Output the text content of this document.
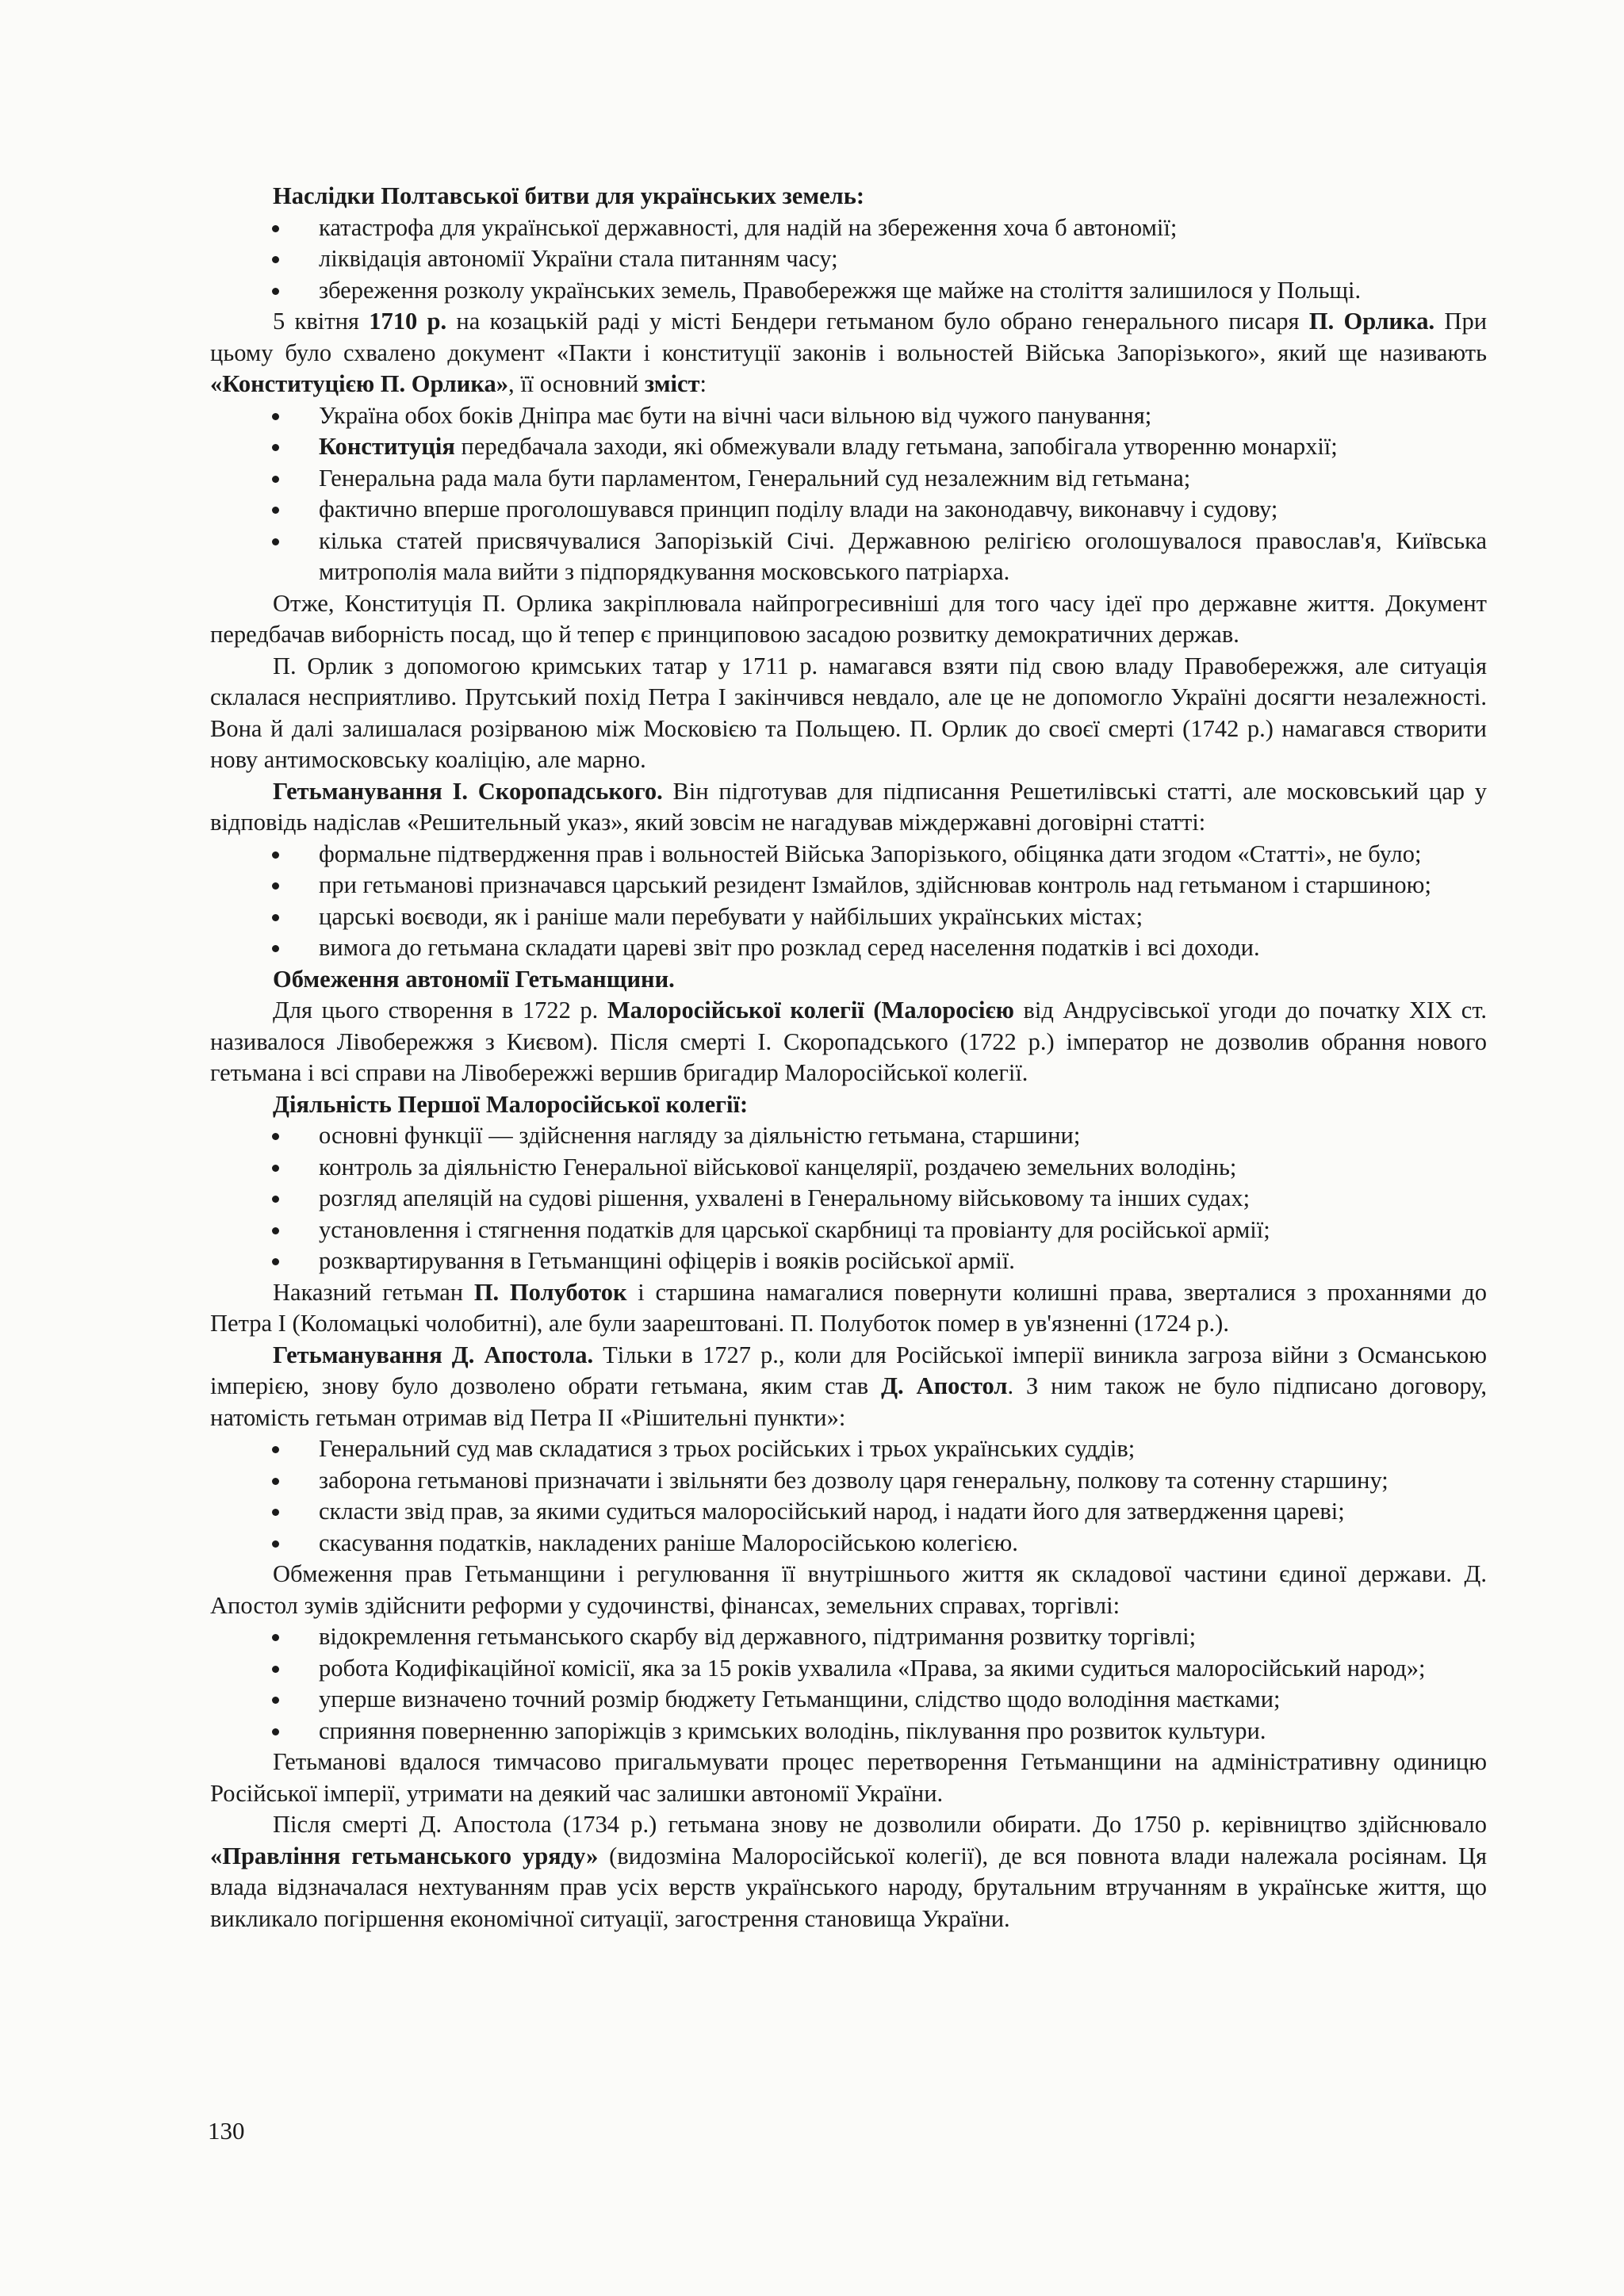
Наслідки Полтавської битви для українських земель:

катастрофа для української державності, для надій на збереження хоча б автономії;
ліквідація автономії України стала питанням часу;
збереження розколу українських земель, Правобережжя ще майже на століття залишилося у Польщі.

5 квітня 1710 р. на козацькій раді у місті Бендери гетьманом було обрано генерального писаря П. Орлика. При цьому було схвалено документ «Пакти і конституції законів і вольностей Війська Запорізького», який ще називають «Конституцією П. Орлика», її основний зміст:

Україна обох боків Дніпра має бути на вічні часи вільною від чужого панування;
Конституція передбачала заходи, які обмежували владу гетьмана, запобігала утворенню монархії;
Генеральна рада мала бути парламентом, Генеральний суд незалежним від гетьмана;
фактично вперше проголошувався принцип поділу влади на законодавчу, виконавчу і судову;
кілька статей присвячувалися Запорізькій Січі. Державною релігією оголошувалося православ'я, Київська митрополія мала вийти з підпорядкування московського патріарха.

Отже, Конституція П. Орлика закріплювала найпрогресивніші для того часу ідеї про державне життя. Документ передбачав виборність посад, що й тепер є принциповою засадою розвитку демократичних держав.

П. Орлик з допомогою кримських татар у 1711 р. намагався взяти під свою владу Правобережжя, але ситуація склалася несприятливо. Прутський похід Петра І закінчився невдало, але це не допомогло Україні досягти незалежності. Вона й далі залишалася розірваною між Московією та Польщею. П. Орлик до своєї смерті (1742 р.) намагався створити нову антимосковську коаліцію, але марно.

Гетьманування І. Скоропадського. Він підготував для підписання Решетилівські статті, але московський цар у відповідь надіслав «Решительный указ», який зовсім не нагадував міждержавні договірні статті:

формальне підтвердження прав і вольностей Війська Запорізького, обіцянка дати згодом «Статті», не було;
при гетьманові призначався царський резидент Ізмайлов, здійснював контроль над гетьманом і старшиною;
царські воєводи, як і раніше мали перебувати у найбільших українських містах;
вимога до гетьмана складати цареві звіт про розклад серед населення податків і всі доходи.

Обмеження автономії Гетьманщини.

Для цього створення в 1722 р. Малоросійської колегії (Малоросією від Андрусівської угоди до початку XIX ст. називалося Лівобережжя з Києвом). Після смерті І. Скоропадського (1722 р.) імператор не дозволив обрання нового гетьмана і всі справи на Лівобережжі вершив бригадир Малоросійської колегії.

Діяльність Першої Малоросійської колегії:

основні функції — здійснення нагляду за діяльністю гетьмана, старшини;
контроль за діяльністю Генеральної військової канцелярії, роздачею земельних володінь;
розгляд апеляцій на судові рішення, ухвалені в Генеральному військовому та інших судах;
установлення і стягнення податків для царської скарбниці та провіанту для російської армії;
розквартирування в Гетьманщині офіцерів і вояків російської армії.

Наказний гетьман П. Полуботок і старшина намагалися повернути колишні права, зверталися з проханнями до Петра І (Коломацькі чолобитні), але були заарештовані. П. Полуботок помер в ув'язненні (1724 р.).

Гетьманування Д. Апостола. Тільки в 1727 р., коли для Російської імперії виникла загроза війни з Османською імперією, знову було дозволено обрати гетьмана, яким став Д. Апостол. З ним також не було підписано договору, натомість гетьман отримав від Петра ІІ «Рішительні пункти»:

Генеральний суд мав складатися з трьох російських і трьох українських суддів;
заборона гетьманові призначати і звільняти без дозволу царя генеральну, полкову та сотенну старшину;
скласти звід прав, за якими судиться малоросійський народ, і надати його для затвердження цареві;
скасування податків, накладених раніше Малоросійською колегією.

Обмеження прав Гетьманщини і регулювання її внутрішнього життя як складової частини єдиної держави. Д. Апостол зумів здійснити реформи у судочинстві, фінансах, земельних справах, торгівлі:

відокремлення гетьманського скарбу від державного, підтримання розвитку торгівлі;
робота Кодифікаційної комісії, яка за 15 років ухвалила «Права, за якими судиться малоросійський народ»;
уперше визначено точний розмір бюджету Гетьманщини, слідство щодо володіння маєтками;
сприяння поверненню запоріжців з кримських володінь, піклування про розвиток культури.

Гетьманові вдалося тимчасово пригальмувати процес перетворення Гетьманщини на адміністративну одиницю Російської імперії, утримати на деякий час залишки автономії України.

Після смерті Д. Апостола (1734 р.) гетьмана знову не дозволили обирати. До 1750 р. керівництво здійснювало «Правління гетьманського уряду» (видозміна Малоросійської колегії), де вся повнота влади належала росіянам. Ця влада відзначалася нехтуванням прав усіх верств українського народу, брутальним втручанням в українське життя, що викликало погіршення економічної ситуації, загострення становища України.

130
